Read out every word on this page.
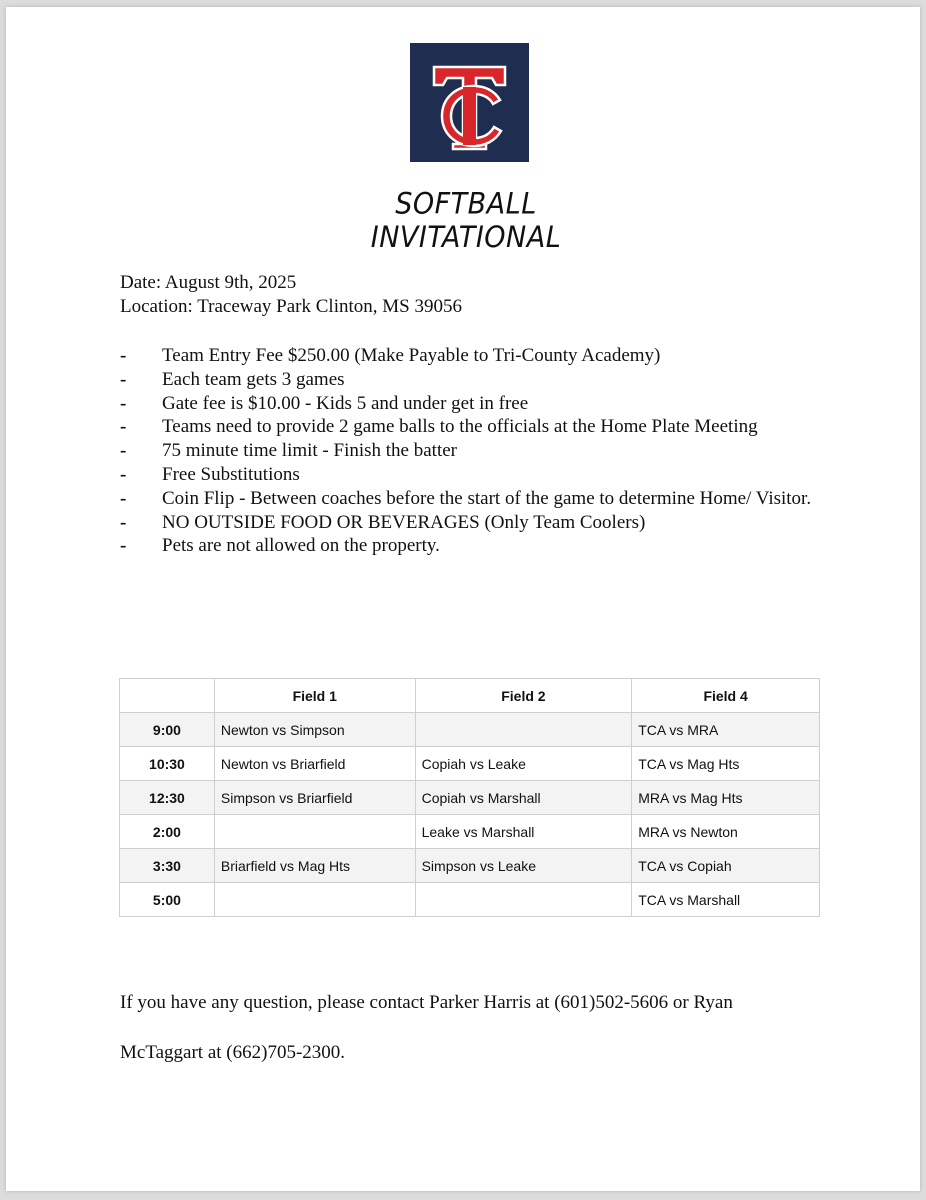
SOFTBALL INVITATIONAL
Date: August 9th, 2025
Location: Traceway Park Clinton, MS 39056
- Team Entry Fee $250.00 (Make Payable to Tri-County Academy)
- Each team gets 3 games
- Gate fee is $10.00 - Kids 5 and under get in free
- Teams need to provide 2 game balls to the officials at the Home Plate Meeting
- 75 minute time limit - Finish the batter
- Free Substitutions
- Coin Flip - Between coaches before the start of the game to determine Home/ Visitor.
- NO OUTSIDE FOOD OR BEVERAGES (Only Team Coolers)
- Pets are not allowed on the property.
	Field 1	Field 2	Field 4
9:00	Newton vs Simpson		TCA vs MRA
10:30	Newton vs Briarfield	Copiah vs Leake	TCA vs Mag Hts
12:30	Simpson vs Briarfield	Copiah vs Marshall	MRA vs Mag Hts
2:00		Leake vs Marshall	MRA vs Newton
3:30	Briarfield vs Mag Hts	Simpson vs Leake	TCA vs Copiah
5:00			TCA vs Marshall

If you have any question, please contact Parker Harris at (601)502-5606 or Ryan

McTaggart at (662)705-2300.
